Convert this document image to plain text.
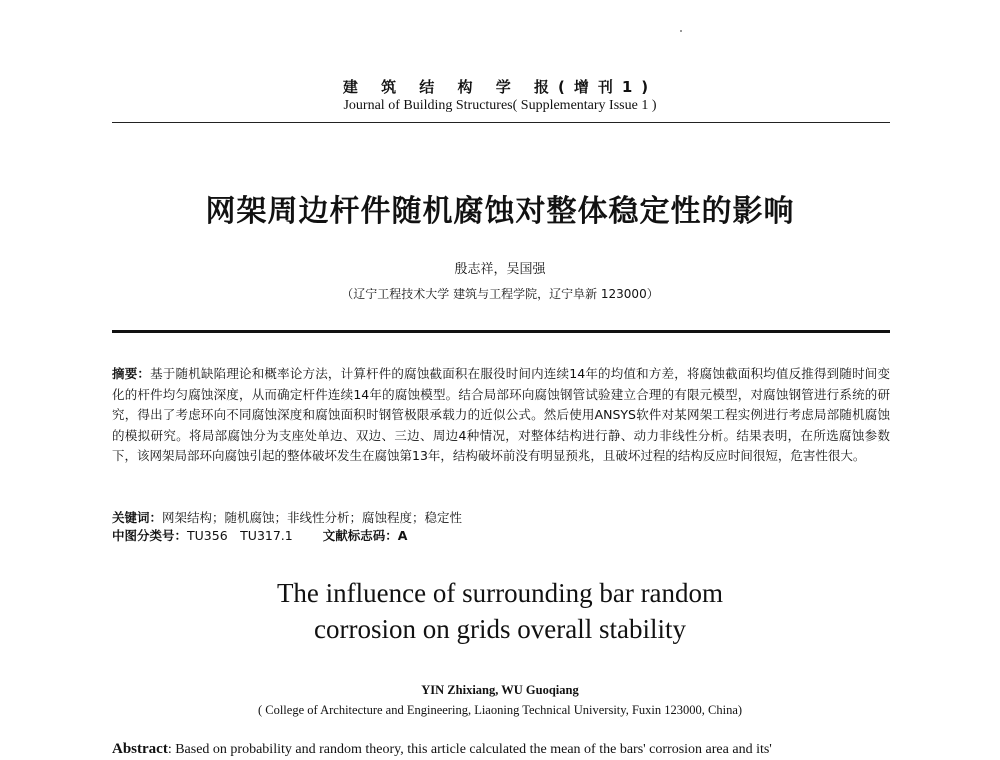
建 筑 结 构 学 报(增刊1)
Journal of Building Structures( Supplementary Issue 1 )
网架周边杆件随机腐蚀对整体稳定性的影响
殷志祥，吴国强
（辽宁工程技术大学 建筑与工程学院，辽宁阜新 123000）
摘要：基于随机缺陷理论和概率论方法，计算杆件的腐蚀截面积在服役时间内连续14年的均值和方差，将腐蚀截面积均值反推得到随时间变化的杆件均匀腐蚀深度，从而确定杆件连续14年的腐蚀模型。结合局部环向腐蚀钢管试验建立合理的有限元模型，对腐蚀钢管进行系统的研究，得出了考虑环向不同腐蚀深度和腐蚀面积时钢管极限承载力的近似公式。然后使用ANSYS软件对某网架工程实例进行考虑局部随机腐蚀的模拟研究。将局部腐蚀分为支座处单边、双边、三边、周边4种情况，对整体结构进行静、动力非线性分析。结果表明，在所选腐蚀参数下，该网架局部环向腐蚀引起的整体破坏发生在腐蚀第13年，结构破坏前没有明显预兆，且破坏过程的结构反应时间很短，危害性很大。
关键词：网架结构；随机腐蚀；非线性分析；腐蚀程度；稳定性
中图分类号：TU356　TU317.1 文献标志码：A
The influence of surrounding bar random
corrosion on grids overall stability
YIN Zhixiang, WU Guoqiang
( College of Architecture and Engineering, Liaoning Technical University, Fuxin 123000, China)
Abstract: Based on probability and random theory, this article calculated the mean of the bars' corrosion area and its'
